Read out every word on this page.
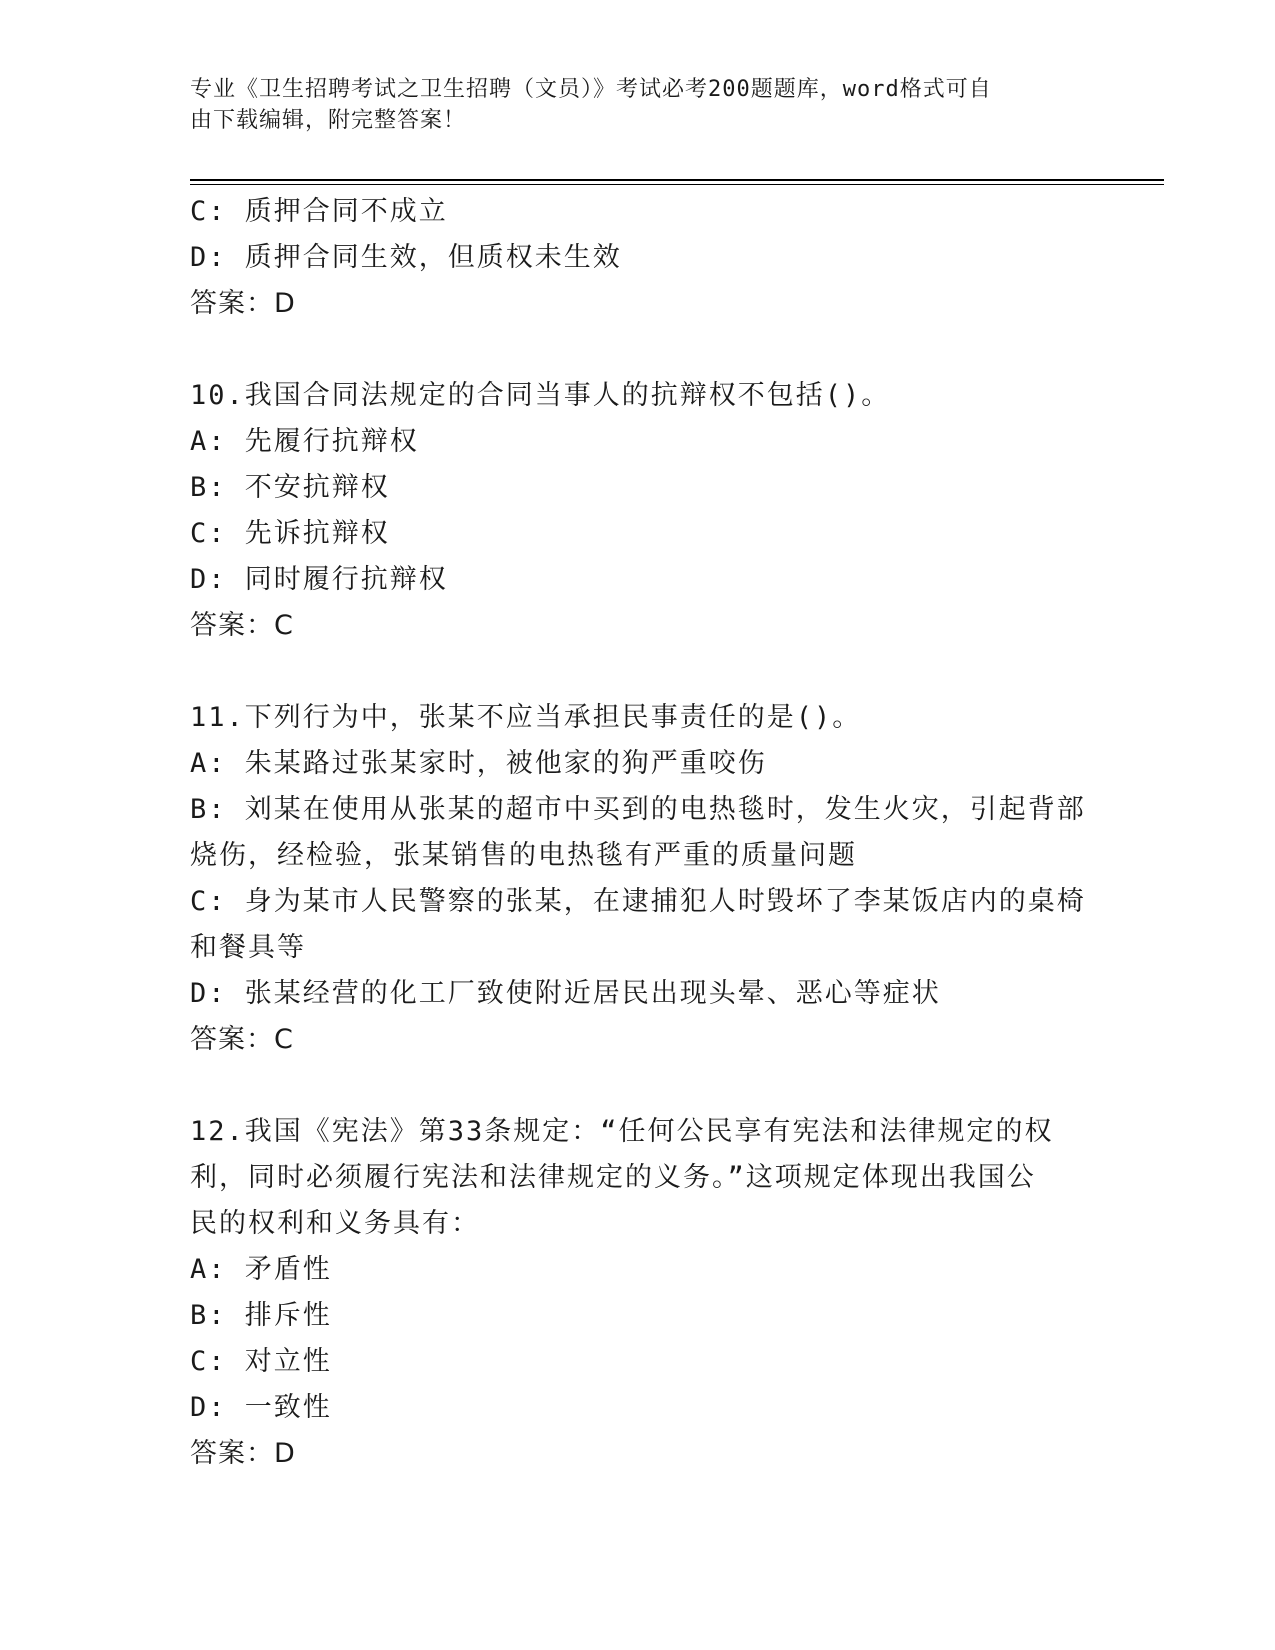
专业《卫生招聘考试之卫生招聘（文员）》考试必考200题题库，word格式可自
由下载编辑，附完整答案！
C: 质押合同不成立
D: 质押合同生效，但质权未生效
答案：D
10.我国合同法规定的合同当事人的抗辩权不包括()。
A: 先履行抗辩权
B: 不安抗辩权
C: 先诉抗辩权
D: 同时履行抗辩权
答案：C
11.下列行为中，张某不应当承担民事责任的是()。
A: 朱某路过张某家时，被他家的狗严重咬伤
B: 刘某在使用从张某的超市中买到的电热毯时，发生火灾，引起背部
烧伤，经检验，张某销售的电热毯有严重的质量问题
C: 身为某市人民警察的张某，在逮捕犯人时毁坏了李某饭店内的桌椅
和餐具等
D: 张某经营的化工厂致使附近居民出现头晕、恶心等症状
答案：C
12.我国《宪法》第33条规定：“任何公民享有宪法和法律规定的权
利，同时必须履行宪法和法律规定的义务。”这项规定体现出我国公
民的权利和义务具有：
A: 矛盾性
B: 排斥性
C: 对立性
D: 一致性
答案：D
